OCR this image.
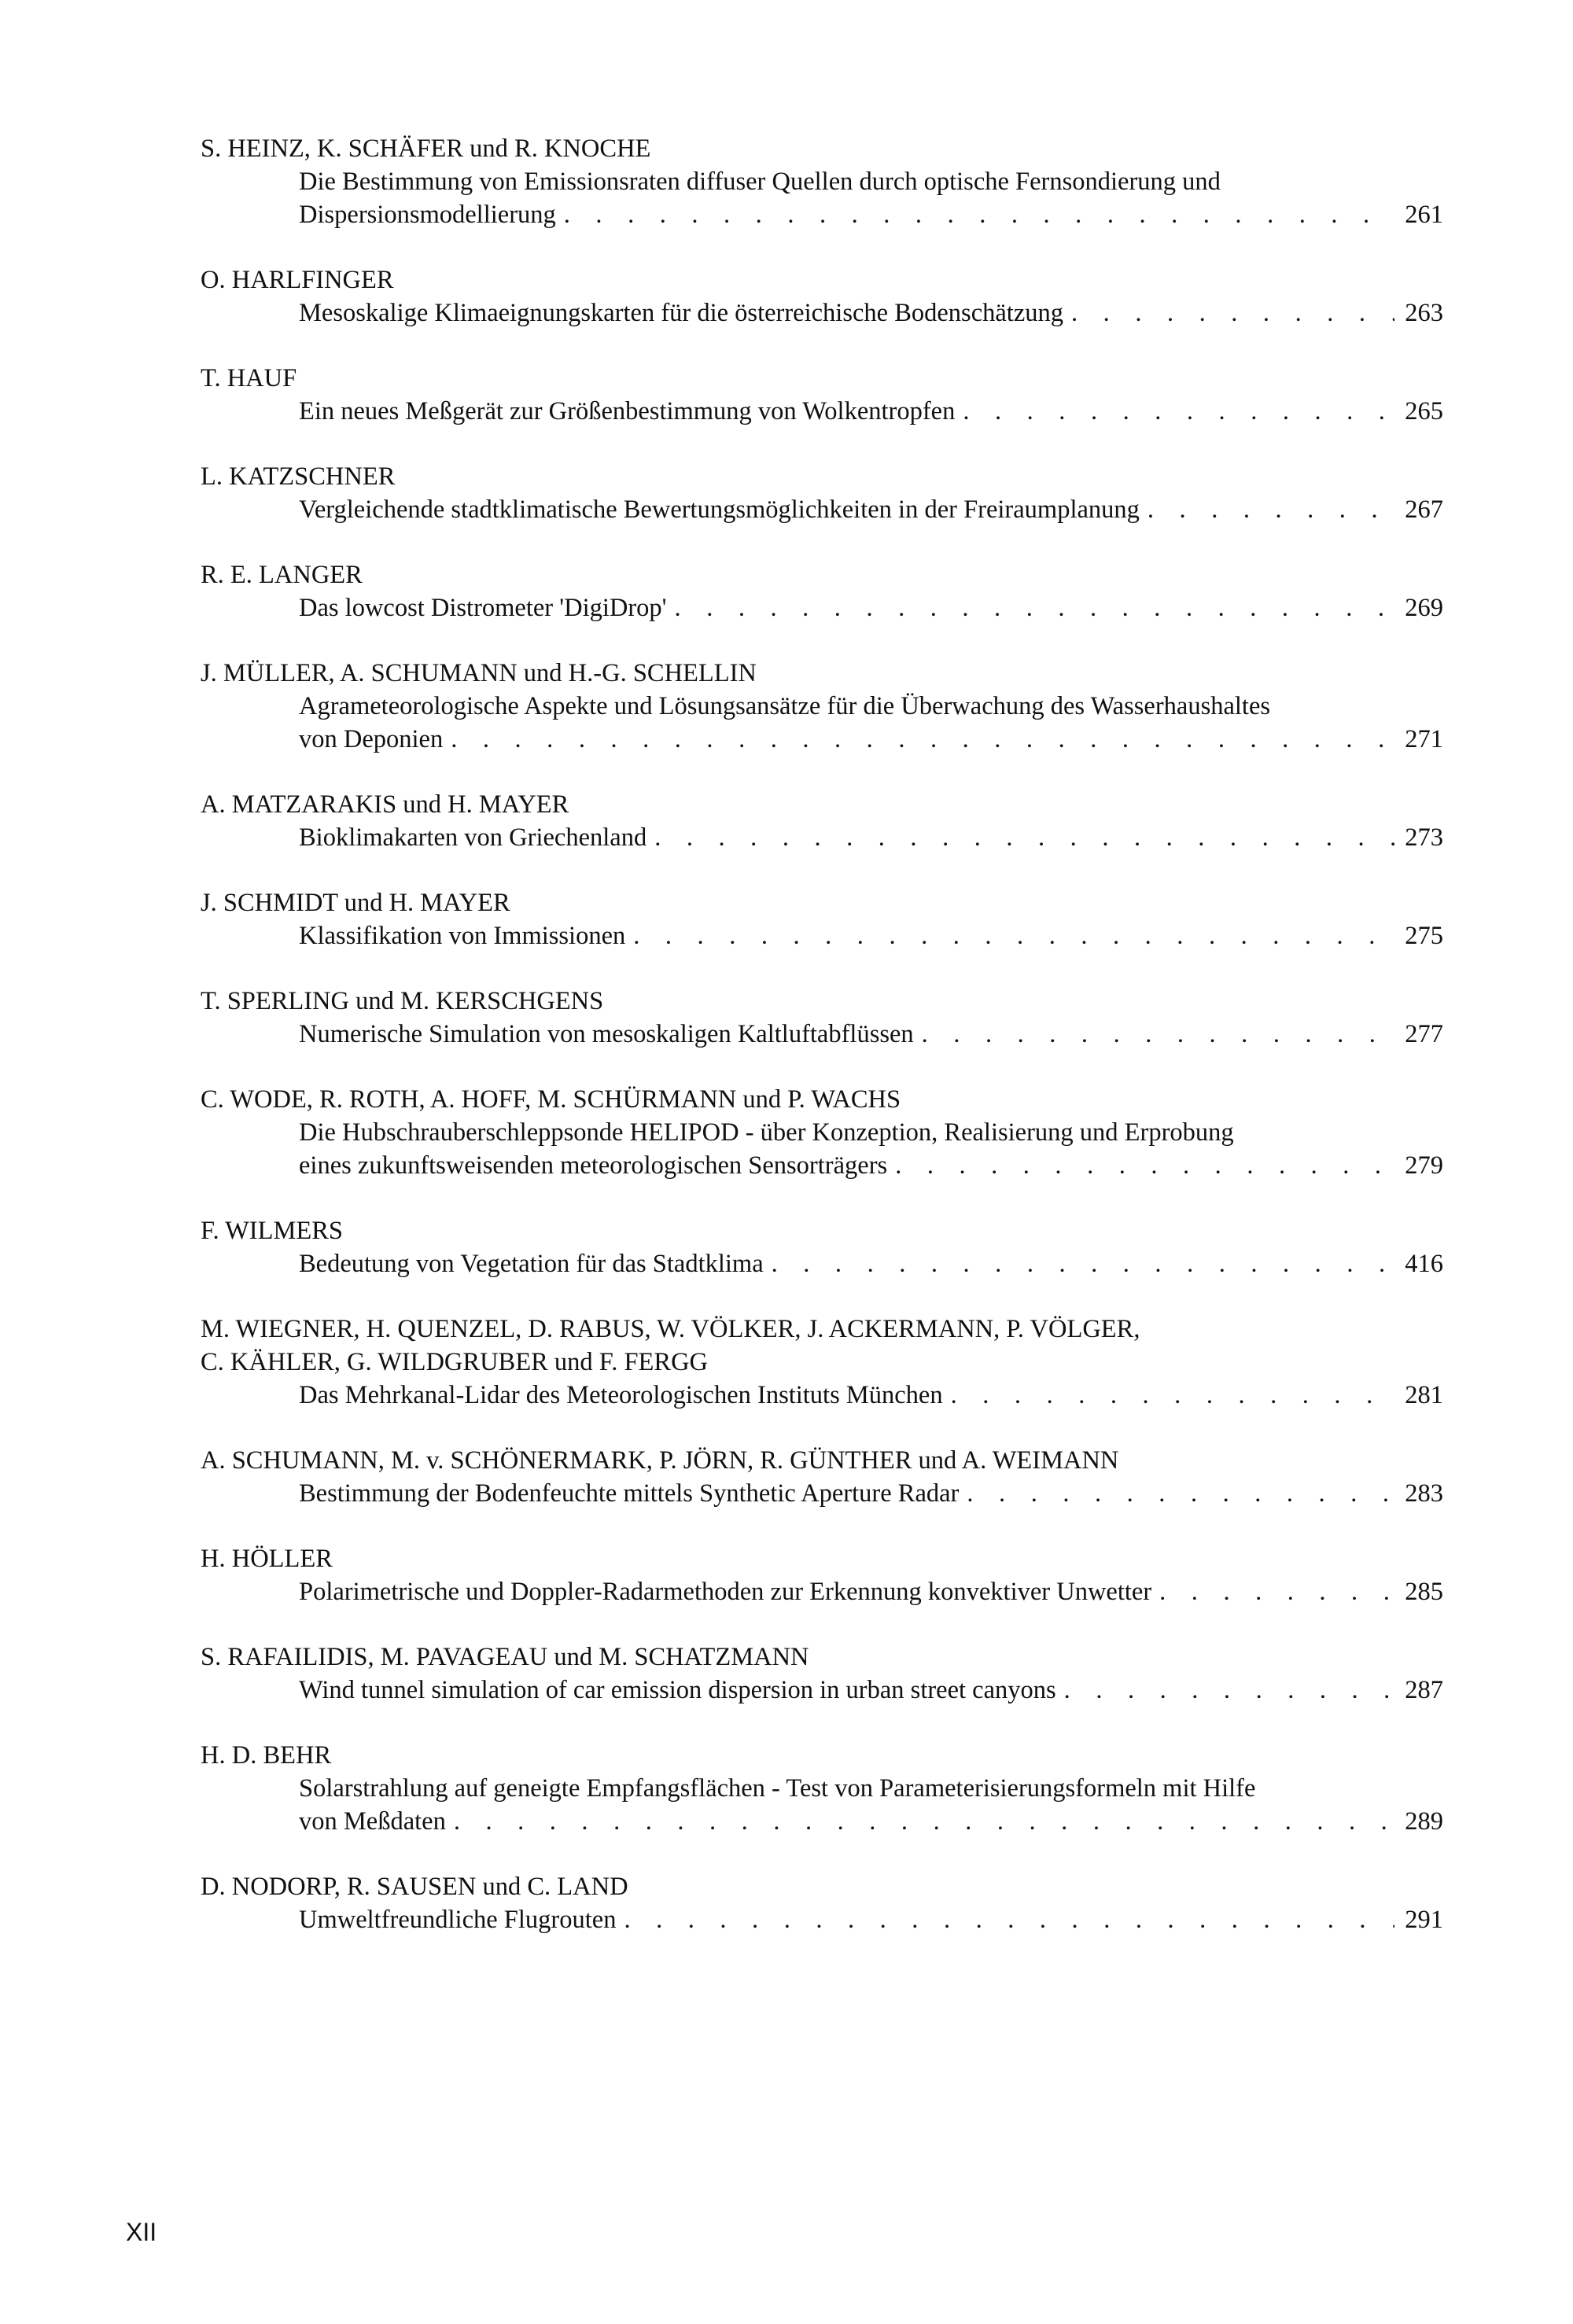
S. HEINZ, K. SCHÄFER und R. KNOCHE
Die Bestimmung von Emissionsraten diffuser Quellen durch optische Fernsondierung und
Dispersionsmodellierung . . .	261
O. HARLFINGER
Mesoskalige Klimaeignungskarten für die österreichische Bodenschätzung . . .	263
T. HAUF
Ein neues Meßgerät zur Größenbestimmung von Wolkentropfen . . .	265
L. KATZSCHNER
Vergleichende stadtklimatische Bewertungsmöglichkeiten in der Freiraumplanung . . .	267
R. E. LANGER
Das lowcost Distrometer 'DigiDrop' . . .	269
J. MÜLLER, A. SCHUMANN und H.-G. SCHELLIN
Agrameteorologische Aspekte und Lösungsansätze für die Überwachung des Wasserhaushaltes
von Deponien . . .	271
A. MATZARAKIS und H. MAYER
Bioklimakarten von Griechenland . . .	273
J. SCHMIDT und H. MAYER
Klassifikation von Immissionen . . .	275
T. SPERLING und M. KERSCHGENS
Numerische Simulation von mesoskaligen Kaltluftabflüssen . . .	277
C. WODE, R. ROTH, A. HOFF, M. SCHÜRMANN und P. WACHS
Die Hubschrauberschleppsonde HELIPOD - über Konzeption, Realisierung und Erprobung
eines zukunftsweisenden meteorologischen Sensorträgers . . .	279
F. WILMERS
Bedeutung von Vegetation für das Stadtklima . . .	416
M. WIEGNER, H. QUENZEL, D. RABUS, W. VÖLKER, J. ACKERMANN, P. VÖLGER,
C. KÄHLER, G. WILDGRUBER und F. FERGG
Das Mehrkanal-Lidar des Meteorologischen Instituts München . . .	281
A. SCHUMANN, M. v. SCHÖNERMARK, P. JÖRN, R. GÜNTHER und A. WEIMANN
Bestimmung der Bodenfeuchte mittels Synthetic Aperture Radar . . .	283
H. HÖLLER
Polarimetrische und Doppler-Radarmethoden zur Erkennung konvektiver Unwetter . . .	285
S. RAFAILIDIS, M. PAVAGEAU und M. SCHATZMANN
Wind tunnel simulation of car emission dispersion in urban street canyons . . .	287
H. D. BEHR
Solarstrahlung auf geneigte Empfangsflächen - Test von Parameterisierungsformeln mit Hilfe
von Meßdaten . . .	289
D. NODORP, R. SAUSEN und C. LAND
Umweltfreundliche Flugrouten . . .	291
XII
